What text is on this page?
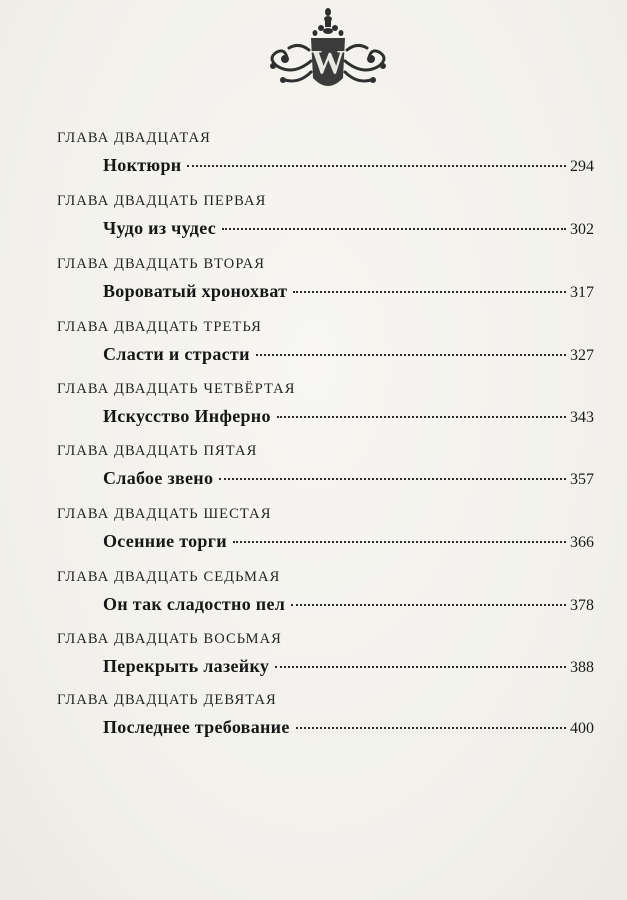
W
ГЛАВА ДВАДЦАТАЯ
Ноктюрн	294
ГЛАВА ДВАДЦАТЬ ПЕРВАЯ
Чудо из чудес	302
ГЛАВА ДВАДЦАТЬ ВТОРАЯ
Вороватый хронохват	317
ГЛАВА ДВАДЦАТЬ ТРЕТЬЯ
Сласти и страсти	327
ГЛАВА ДВАДЦАТЬ ЧЕТВЁРТАЯ
Искусство Инферно	343
ГЛАВА ДВАДЦАТЬ ПЯТАЯ
Слабое звено	357
ГЛАВА ДВАДЦАТЬ ШЕСТАЯ
Осенние торги	366
ГЛАВА ДВАДЦАТЬ СЕДЬМАЯ
Он так сладостно пел	378
ГЛАВА ДВАДЦАТЬ ВОСЬМАЯ
Перекрыть лазейку	388
ГЛАВА ДВАДЦАТЬ ДЕВЯТАЯ
Последнее требование	400
